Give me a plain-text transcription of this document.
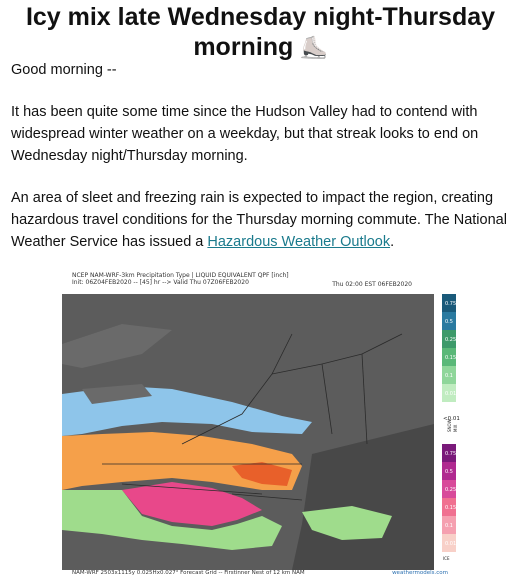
Icy mix late Wednesday night-Thursday morning ⛸️
Good morning --
It has been quite some time since the Hudson Valley had to contend with widespread winter weather on a weekday, but that streak looks to end on Wednesday night/Thursday morning.
An area of sleet and freezing rain is expected to impact the region, creating hazardous travel conditions for the Thursday morning commute. The National Weather Service has issued a Hazardous Weather Outlook.
NCEP NAM-WRF-3km Precipitation Type | LIQUID EQUIVALENT QPF [inch]
Init: 06Z04FEB2020 -- [45] hr --> Valid Thu 07Z06FEB2020	Thu 02:00 EST 06FEB2020
0.75
0.5
0.25
0.15
0.1
0.01
0.75
0.5
0.25
0.15
0.1
0.01
<0.01
SNOW
ICE
MIX
NAM-WRF 2503x1115y 0.025Hx0.027° Forecast Grid -- Firstinner Nest of 12 km NAM	weathermodels.com
